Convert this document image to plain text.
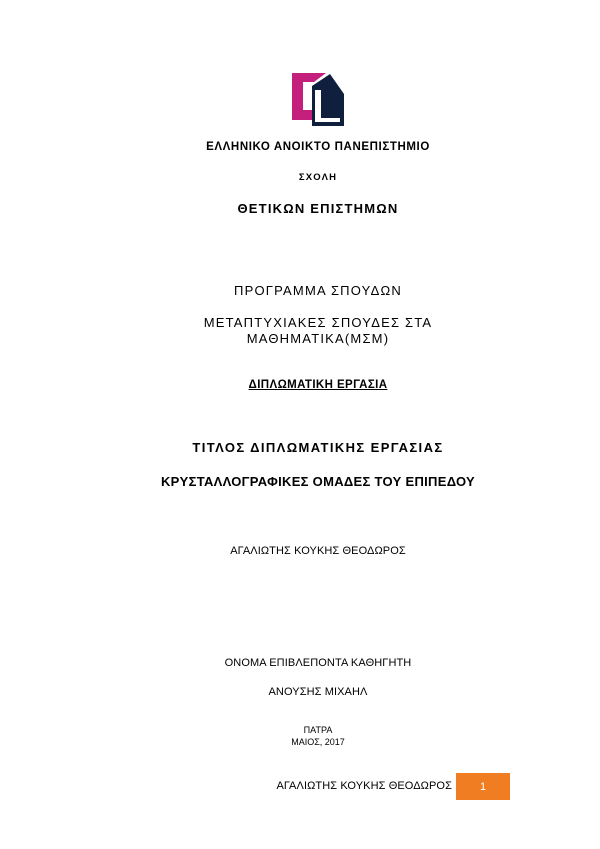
ΕΛΛΗΝΙΚΟ ΑΝΟΙΚΤΟ ΠΑΝΕΠΙΣΤΗΜΙΟ
ΣΧΟΛΗ
ΘΕΤΙΚΩΝ ΕΠΙΣΤΗΜΩΝ
ΠΡΟΓΡΑΜΜΑ ΣΠΟΥΔΩΝ
ΜΕΤΑΠΤΥΧΙΑΚΕΣ ΣΠΟΥΔΕΣ ΣΤΑ
ΜΑΘΗΜΑΤΙΚΑ(ΜΣΜ)
ΔΙΠΛΩΜΑΤΙΚΗ ΕΡΓΑΣΙΑ
ΤΙΤΛΟΣ ΔΙΠΛΩΜΑΤΙΚΗΣ ΕΡΓΑΣΙΑΣ
ΚΡΥΣΤΑΛΛΟΓΡΑΦΙΚΕΣ ΟΜΑΔΕΣ ΤΟΥ ΕΠΙΠΕΔΟΥ
ΑΓΑΛΙΩΤΗΣ ΚΟΥΚΗΣ ΘΕΟΔΩΡΟΣ
ΟΝΟΜΑ ΕΠΙΒΛΕΠΟΝΤΑ ΚΑΘΗΓΗΤΗ
ΑΝΟΥΣΗΣ ΜΙΧΑΗΛ
ΠΑΤΡΑ
ΜΑΙΟΣ, 2017
ΑΓΑΛΙΩΤΗΣ ΚΟΥΚΗΣ ΘΕΟΔΩΡΟΣ	1
